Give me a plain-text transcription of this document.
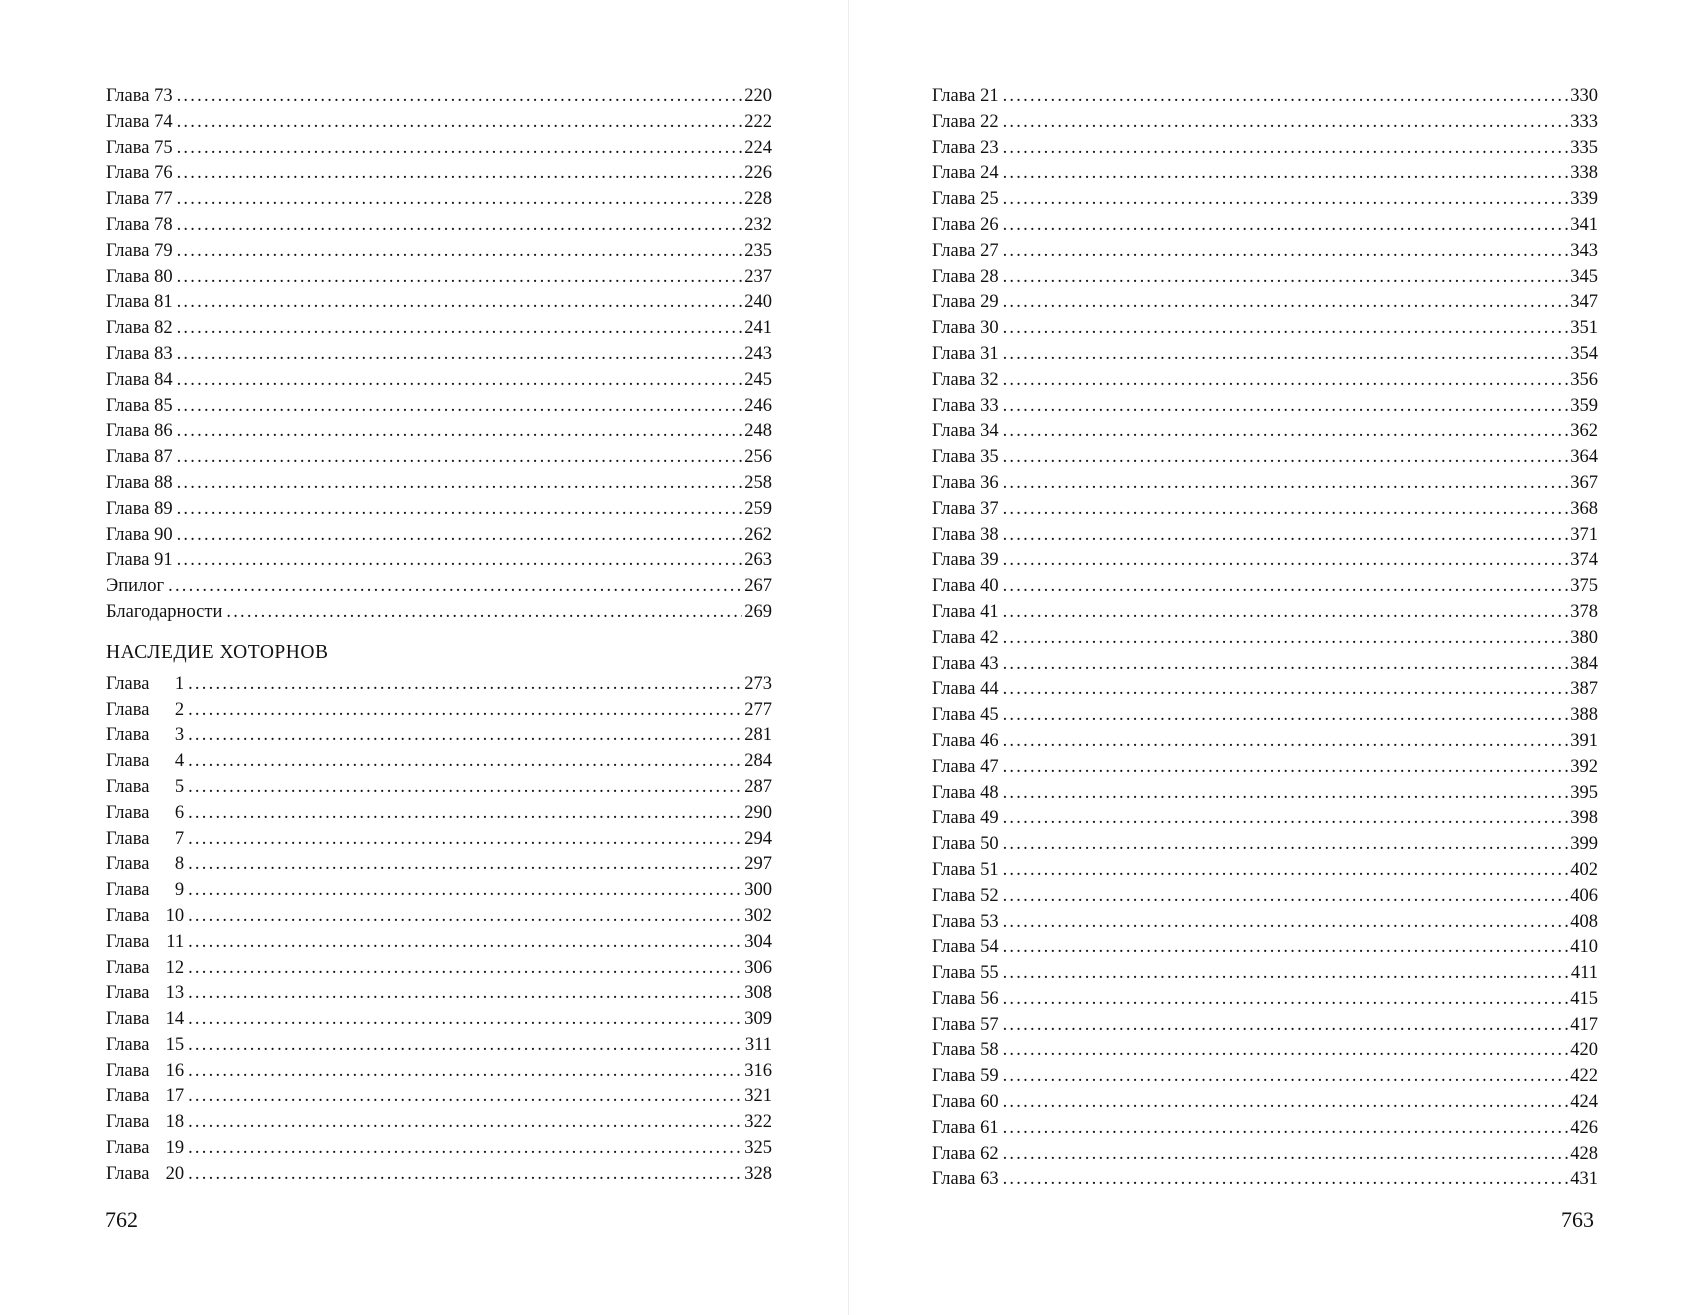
Глава 73 . . .	220
Глава 74 . . .	222
Глава 75 . . .	224
Глава 76 . . .	226
Глава 77 . . .	228
Глава 78 . . .	232
Глава 79 . . .	235
Глава 80 . . .	237
Глава 81 . . .	240
Глава 82 . . .	241
Глава 83 . . .	243
Глава 84 . . .	245
Глава 85 . . .	246
Глава 86 . . .	248
Глава 87 . . .	256
Глава 88 . . .	258
Глава 89 . . .	259
Глава 90 . . .	262
Глава 91 . . .	263
Эпилог . . .	267
Благодарности . . .	269
НАСЛЕДИЕ ХОТОРНОВ
Глава 1 . . .	273
Глава 2 . . .	277
Глава 3 . . .	281
Глава 4 . . .	284
Глава 5 . . .	287
Глава 6 . . .	290
Глава 7 . . .	294
Глава 8 . . .	297
Глава 9 . . .	300
Глава 10 . . .	302
Глава 11 . . .	304
Глава 12 . . .	306
Глава 13 . . .	308
Глава 14 . . .	309
Глава 15 . . .	311
Глава 16 . . .	316
Глава 17 . . .	321
Глава 18 . . .	322
Глава 19 . . .	325
Глава 20 . . .	328
762
Глава 21 . . .	330
Глава 22 . . .	333
Глава 23 . . .	335
Глава 24 . . .	338
Глава 25 . . .	339
Глава 26 . . .	341
Глава 27 . . .	343
Глава 28 . . .	345
Глава 29 . . .	347
Глава 30 . . .	351
Глава 31 . . .	354
Глава 32 . . .	356
Глава 33 . . .	359
Глава 34 . . .	362
Глава 35 . . .	364
Глава 36 . . .	367
Глава 37 . . .	368
Глава 38 . . .	371
Глава 39 . . .	374
Глава 40 . . .	375
Глава 41 . . .	378
Глава 42 . . .	380
Глава 43 . . .	384
Глава 44 . . .	387
Глава 45 . . .	388
Глава 46 . . .	391
Глава 47 . . .	392
Глава 48 . . .	395
Глава 49 . . .	398
Глава 50 . . .	399
Глава 51 . . .	402
Глава 52 . . .	406
Глава 53 . . .	408
Глава 54 . . .	410
Глава 55 . . .	411
Глава 56 . . .	415
Глава 57 . . .	417
Глава 58 . . .	420
Глава 59 . . .	422
Глава 60 . . .	424
Глава 61 . . .	426
Глава 62 . . .	428
Глава 63 . . .	431
763
